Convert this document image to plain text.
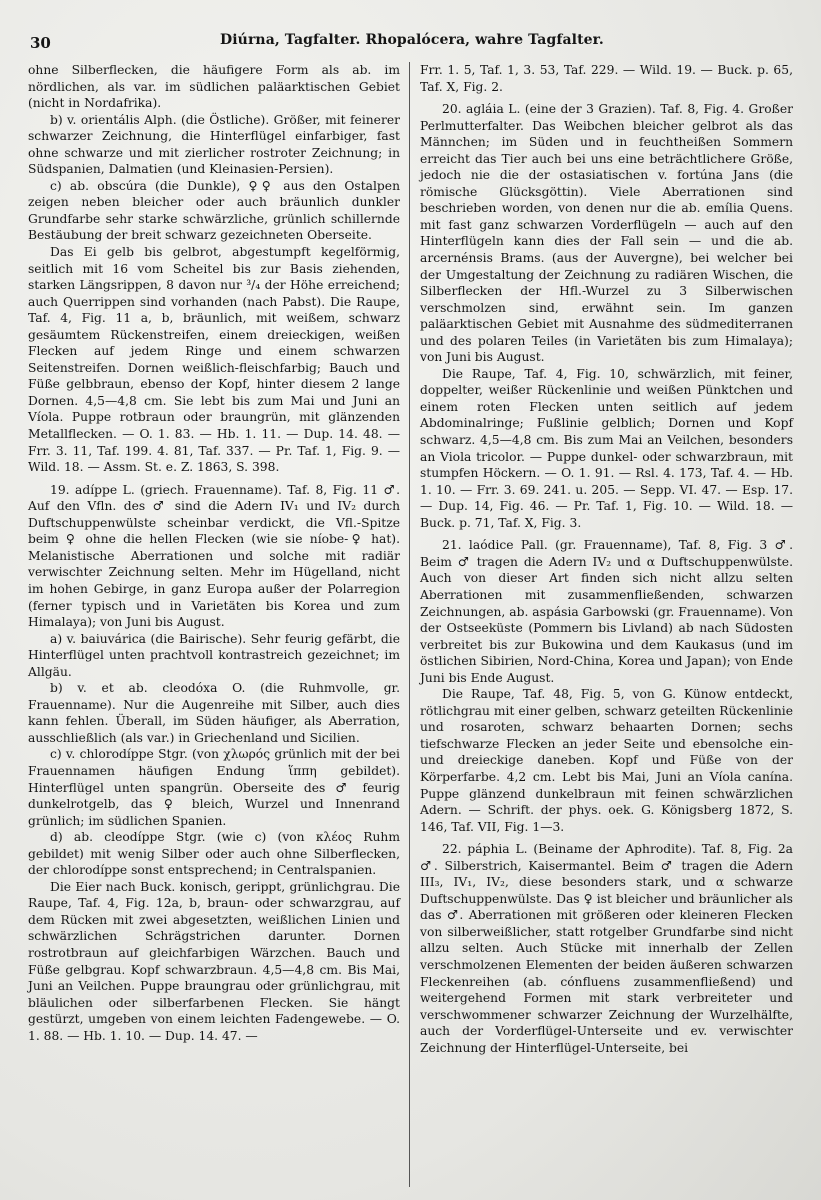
30	Diúrna, Tagfalter. Rhopalócera, wahre Tagfalter.

ohne Silberflecken, die häufigere Form als ab. im nördlichen, als var. im südlichen paläarktischen Gebiet (nicht in Nordafrika).

b) v. orientális Alph. (die Östliche). Größer, mit feinerer schwarzer Zeichnung, die Hinterflügel einfarbiger, fast ohne schwarze und mit zierlicher rostroter Zeichnung; in Südspanien, Dalmatien (und Kleinasien-Persien).

c) ab. obscúra (die Dunkle), ♀♀ aus den Ostalpen zeigen neben bleicher oder auch bräunlich dunkler Grundfarbe sehr starke schwärzliche, grünlich schillernde Bestäubung der breit schwarz gezeichneten Oberseite.

Das Ei gelb bis gelbrot, abgestumpft kegelförmig, seitlich mit 16 vom Scheitel bis zur Basis ziehenden, starken Längsrippen, 8 davon nur ³/₄ der Höhe erreichend; auch Querrippen sind vorhanden (nach Pabst). Die Raupe, Taf. 4, Fig. 11 a, b, bräunlich, mit weißem, schwarz gesäumtem Rückenstreifen, einem dreieckigen, weißen Flecken auf jedem Ringe und einem schwarzen Seitenstreifen. Dornen weißlich-fleischfarbig; Bauch und Füße gelbbraun, ebenso der Kopf, hinter diesem 2 lange Dornen. 4,5—4,8 cm. Sie lebt bis zum Mai und Juni an Víola. Puppe rotbraun oder braungrün, mit glänzenden Metallflecken. — O. 1. 83. — Hb. 1. 11. — Dup. 14. 48. — Frr. 3. 11, Taf. 199. 4. 81, Taf. 337. — Pr. Taf. 1, Fig. 9. — Wild. 18. — Assm. St. e. Z. 1863, S. 398.

19. adíppe L. (griech. Frauenname). Taf. 8, Fig. 11 ♂. Auf den Vfln. des ♂ sind die Adern IV₁ und IV₂ durch Duftschuppenwülste scheinbar verdickt, die Vfl.-Spitze beim ♀ ohne die hellen Flecken (wie sie níobe-♀ hat). Melanistische Aberrationen und solche mit radiär verwischter Zeichnung selten. Mehr im Hügelland, nicht im hohen Gebirge, in ganz Europa außer der Polarregion (ferner typisch und in Varietäten bis Korea und zum Himalaya); von Juni bis August.

a) v. baiuvárica (die Bairische). Sehr feurig gefärbt, die Hinterflügel unten prachtvoll kontrastreich gezeichnet; im Allgäu.

b) v. et ab. cleodóxa O. (die Ruhmvolle, gr. Frauenname). Nur die Augenreihe mit Silber, auch dies kann fehlen. Überall, im Süden häufiger, als Aberration, ausschließlich (als var.) in Griechenland und Sicilien.

c) v. chlorodíppe Stgr. (von χλωρός grünlich mit der bei Frauennamen häufigen Endung ἵππη gebildet). Hinterflügel unten spangrün. Oberseite des ♂ feurig dunkelrotgelb, das ♀ bleich, Wurzel und Innenrand grünlich; im südlichen Spanien.

d) ab. cleodíppe Stgr. (wie c) (von κλέος Ruhm gebildet) mit wenig Silber oder auch ohne Silberflecken, der chlorodíppe sonst entsprechend; in Centralspanien.

Die Eier nach Buck. konisch, gerippt, grünlichgrau. Die Raupe, Taf. 4, Fig. 12a, b, braun- oder schwarzgrau, auf dem Rücken mit zwei abgesetzten, weißlichen Linien und schwärzlichen Schrägstrichen darunter. Dornen rostrotbraun auf gleichfarbigen Wärzchen. Bauch und Füße gelbgrau. Kopf schwarzbraun. 4,5—4,8 cm. Bis Mai, Juni an Veilchen. Puppe braungrau oder grünlichgrau, mit bläulichen oder silberfarbenen Flecken. Sie hängt gestürzt, umgeben von einem leichten Fadengewebe. — O. 1. 88. — Hb. 1. 10. — Dup. 14. 47. —

Frr. 1. 5, Taf. 1, 3. 53, Taf. 229. — Wild. 19. — Buck. p. 65, Taf. X, Fig. 2.

20. agláia L. (eine der 3 Grazien). Taf. 8, Fig. 4. Großer Perlmutterfalter. Das Weibchen bleicher gelbrot als das Männchen; im Süden und in feuchtheißen Sommern erreicht das Tier auch bei uns eine beträchtlichere Größe, jedoch nie die der ostasiatischen v. fortúna Jans (die römische Glücksgöttin). Viele Aberrationen sind beschrieben worden, von denen nur die ab. emília Quens. mit fast ganz schwarzen Vorderflügeln — auch auf den Hinterflügeln kann dies der Fall sein — und die ab. arcernénsis Brams. (aus der Auvergne), bei welcher bei der Umgestaltung der Zeichnung zu radiären Wischen, die Silberflecken der Hfl.-Wurzel zu 3 Silberwischen verschmolzen sind, erwähnt sein. Im ganzen paläarktischen Gebiet mit Ausnahme des südmediterranen und des polaren Teiles (in Varietäten bis zum Himalaya); von Juni bis August.

Die Raupe, Taf. 4, Fig. 10, schwärzlich, mit feiner, doppelter, weißer Rückenlinie und weißen Pünktchen und einem roten Flecken unten seitlich auf jedem Abdominalringe; Fußlinie gelblich; Dornen und Kopf schwarz. 4,5—4,8 cm. Bis zum Mai an Veilchen, besonders an Viola tricolor. — Puppe dunkel- oder schwarzbraun, mit stumpfen Höckern. — O. 1. 91. — Rsl. 4. 173, Taf. 4. — Hb. 1. 10. — Frr. 3. 69. 241. u. 205. — Sepp. VI. 47. — Esp. 17. — Dup. 14, Fig. 46. — Pr. Taf. 1, Fig. 10. — Wild. 18. — Buck. p. 71, Taf. X, Fig. 3.

21. laódice Pall. (gr. Frauenname), Taf. 8, Fig. 3 ♂. Beim ♂ tragen die Adern IV₂ und α Duftschuppenwülste. Auch von dieser Art finden sich nicht allzu selten Aberrationen mit zusammenfließenden, schwarzen Zeichnungen, ab. aspásia Garbowski (gr. Frauenname). Von der Ostseeküste (Pommern bis Livland) ab nach Südosten verbreitet bis zur Bukowina und dem Kaukasus (und im östlichen Sibirien, Nord-China, Korea und Japan); von Ende Juni bis Ende August.

Die Raupe, Taf. 48, Fig. 5, von G. Künow entdeckt, rötlichgrau mit einer gelben, schwarz geteilten Rückenlinie und rosaroten, schwarz behaarten Dornen; sechs tiefschwarze Flecken an jeder Seite und ebensolche ein- und dreieckige daneben. Kopf und Füße von der Körperfarbe. 4,2 cm. Lebt bis Mai, Juni an Víola canína. Puppe glänzend dunkelbraun mit feinen schwärzlichen Adern. — Schrift. der phys. oek. G. Königsberg 1872, S. 146, Taf. VII, Fig. 1—3.

22. páphia L. (Beiname der Aphrodite). Taf. 8, Fig. 2a ♂. Silberstrich, Kaisermantel. Beim ♂ tragen die Adern III₃, IV₁, IV₂, diese besonders stark, und α schwarze Duftschuppenwülste. Das ♀ ist bleicher und bräunlicher als das ♂. Aberrationen mit größeren oder kleineren Flecken von silberweißlicher, statt rotgelber Grundfarbe sind nicht allzu selten. Auch Stücke mit innerhalb der Zellen verschmolzenen Elementen der beiden äußeren schwarzen Fleckenreihen (ab. cónfluens zusammenfließend) und weitergehend Formen mit stark verbreiteter und verschwommener schwarzer Zeichnung der Wurzelhälfte, auch der Vorderflügel-Unterseite und ev. verwischter Zeichnung der Hinterflügel-Unterseite, bei
